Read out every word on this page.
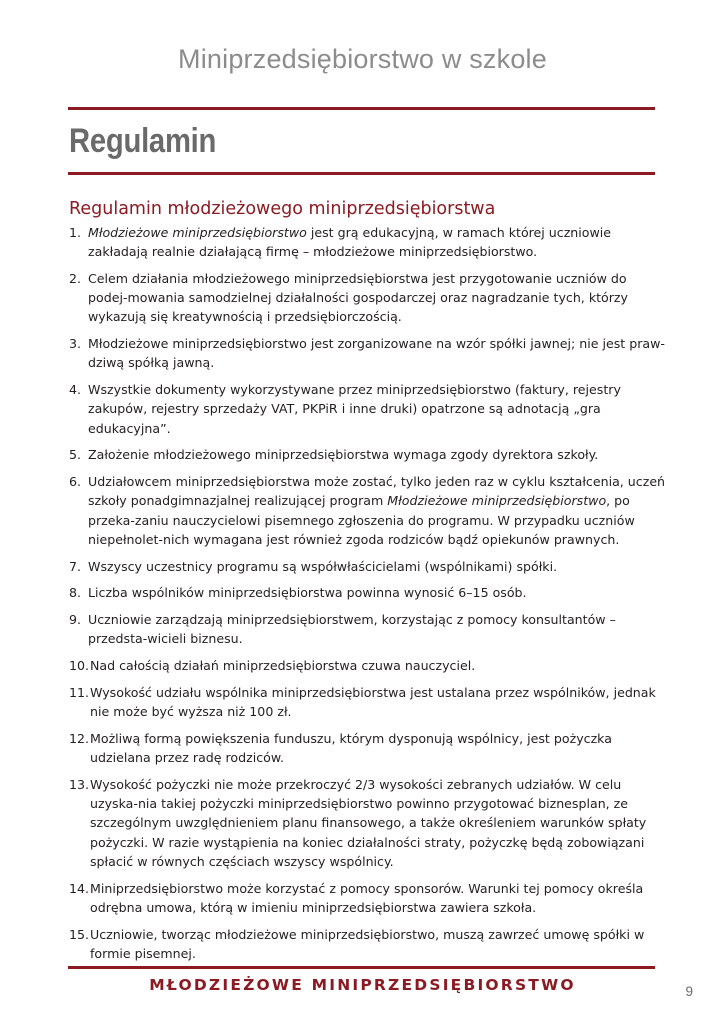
Miniprzedsiębiorstwo w szkole
Regulamin
Regulamin młodzieżowego miniprzedsiębiorstwa
1. Młodzieżowe miniprzedsiębiorstwo jest grą edukacyjną, w ramach której uczniowie zakładają realnie działającą firmę – młodzieżowe miniprzedsiębiorstwo.
2. Celem działania młodzieżowego miniprzedsiębiorstwa jest przygotowanie uczniów do podej-mowania samodzielnej działalności gospodarczej oraz nagradzanie tych, którzy wykazują się kreatywnością i przedsiębiorczością.
3. Młodzieżowe miniprzedsiębiorstwo jest zorganizowane na wzór spółki jawnej; nie jest praw-dziwą spółką jawną.
4. Wszystkie dokumenty wykorzystywane przez miniprzedsiębiorstwo (faktury, rejestry zakupów, rejestry sprzedaży VAT, PKPiR i inne druki) opatrzone są adnotacją „gra edukacyjna”.
5. Założenie młodzieżowego miniprzedsiębiorstwa wymaga zgody dyrektora szkoły.
6. Udziałowcem miniprzedsiębiorstwa może zostać, tylko jeden raz w cyklu kształcenia, uczeń szkoły ponadgimnazjalnej realizującej program Młodzieżowe miniprzedsiębiorstwo, po przeka-zaniu nauczycielowi pisemnego zgłoszenia do programu. W przypadku uczniów niepełnolet-nich wymagana jest również zgoda rodziców bądź opiekunów prawnych.
7. Wszyscy uczestnicy programu są współwłaścicielami (wspólnikami) spółki.
8. Liczba wspólników miniprzedsiębiorstwa powinna wynosić 6–15 osób.
9. Uczniowie zarządzają miniprzedsiębiorstwem, korzystając z pomocy konsultantów – przedsta-wicieli biznesu.
10. Nad całością działań miniprzedsiębiorstwa czuwa nauczyciel.
11. Wysokość udziału wspólnika miniprzedsiębiorstwa jest ustalana przez wspólników, jednak nie może być wyższa niż 100 zł.
12. Możliwą formą powiększenia funduszu, którym dysponują wspólnicy, jest pożyczka udzielana przez radę rodziców.
13. Wysokość pożyczki nie może przekroczyć 2/3 wysokości zebranych udziałów. W celu uzyska-nia takiej pożyczki miniprzedsiębiorstwo powinno przygotować biznesplan, ze szczególnym uwzględnieniem planu finansowego, a także określeniem warunków spłaty pożyczki. W razie wystąpienia na koniec działalności straty, pożyczkę będą zobowiązani spłacić w równych częściach wszyscy wspólnicy.
14. Miniprzedsiębiorstwo może korzystać z pomocy sponsorów. Warunki tej pomocy określa odrębna umowa, którą w imieniu miniprzedsiębiorstwa zawiera szkoła.
15. Uczniowie, tworząc młodzieżowe miniprzedsiębiorstwo, muszą zawrzeć umowę spółki w formie pisemnej.
MŁODZIEŻOWE MINIPRZEDSIĘBIORSTWO	9
